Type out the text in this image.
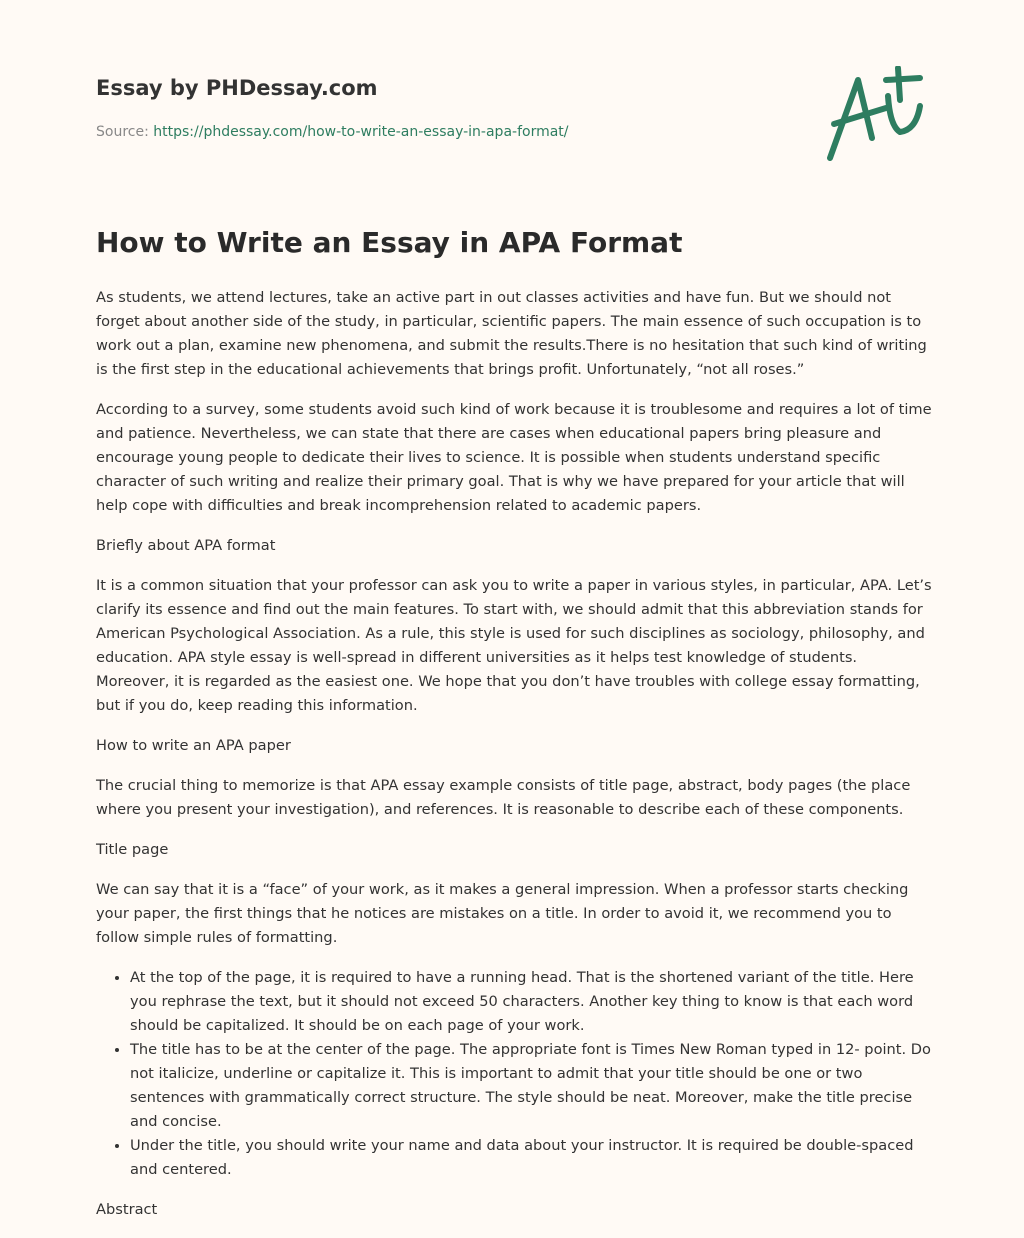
Essay by PHDessay.com
Source: https://phdessay.com/how-to-write-an-essay-in-apa-format/
How to Write an Essay in APA Format

As students, we attend lectures, take an active part in out classes activities and have fun. But we should not forget about another side of the study, in particular, scientific papers. The main essence of such occupation is to work out a plan, examine new phenomena, and submit the results.There is no hesitation that such kind of writing is the first step in the educational achievements that brings profit. Unfortunately, “not all roses.”

According to a survey, some students avoid such kind of work because it is troublesome and requires a lot of time and patience. Nevertheless, we can state that there are cases when educational papers bring pleasure and encourage young people to dedicate their lives to science. It is possible when students understand specific character of such writing and realize their primary goal. That is why we have prepared for your article that will help cope with difficulties and break incomprehension related to academic papers.

Briefly about APA format

It is a common situation that your professor can ask you to write a paper in various styles, in particular, APA. Let’s clarify its essence and find out the main features. To start with, we should admit that this abbreviation stands for American Psychological Association. As a rule, this style is used for such disciplines as sociology, philosophy, and education. APA style essay is well-spread in different universities as it helps test knowledge of students. Moreover, it is regarded as the easiest one. We hope that you don’t have troubles with college essay formatting, but if you do, keep reading this information.

How to write an APA paper

The crucial thing to memorize is that APA essay example consists of title page, abstract, body pages (the place where you present your investigation), and references. It is reasonable to describe each of these components.

Title page

We can say that it is a “face” of your work, as it makes a general impression. When a professor starts checking your paper, the first things that he notices are mistakes on a title. In order to avoid it, we recommend you to follow simple rules of formatting.

• At the top of the page, it is required to have a running head. That is the shortened variant of the title. Here you rephrase the text, but it should not exceed 50 characters. Another key thing to know is that each word should be capitalized. It should be on each page of your work.
• The title has to be at the center of the page. The appropriate font is Times New Roman typed in 12- point. Do not italicize, underline or capitalize it. This is important to admit that your title should be one or two sentences with grammatically correct structure. The style should be neat. Moreover, make the title precise and concise.
• Under the title, you should write your name and data about your instructor. It is required be double-spaced and centered.

Abstract
